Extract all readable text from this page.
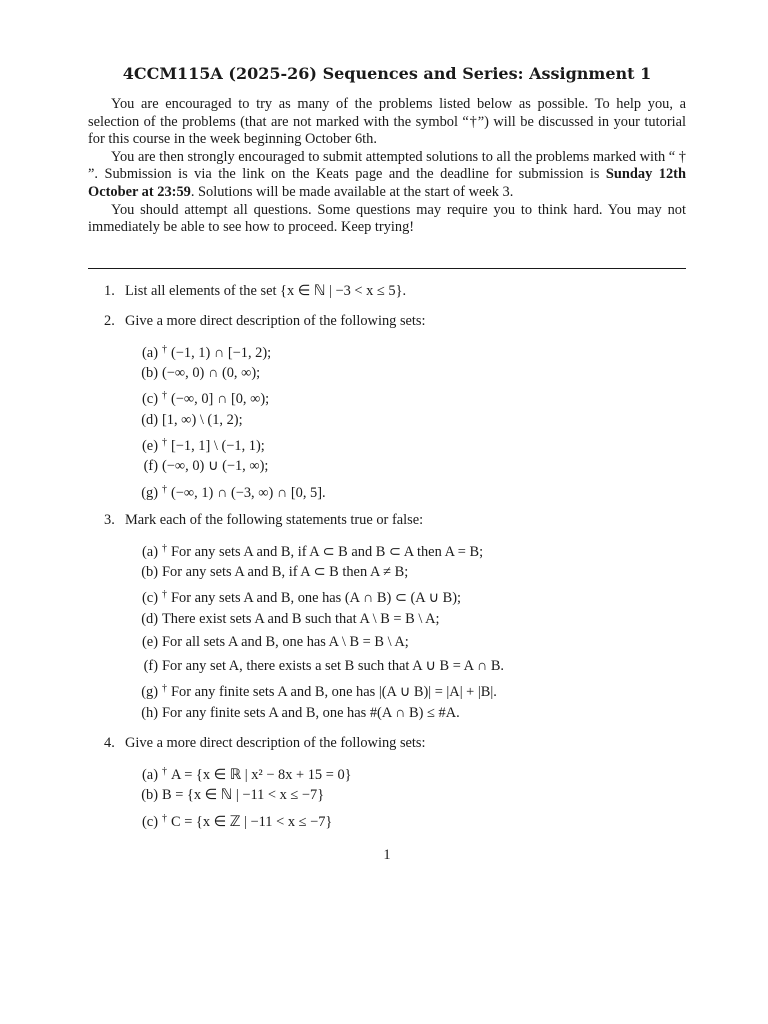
4CCM115A (2025-26) Sequences and Series: Assignment 1

You are encouraged to try as many of the problems listed below as possible. To help you, a selection of the problems (that are not marked with the symbol “†”) will be discussed in your tutorial for this course in the week beginning October 6th.

You are then strongly encouraged to submit attempted solutions to all the problems marked with “ † ”. Submission is via the link on the Keats page and the deadline for submission is Sunday 12th October at 23:59. Solutions will be made available at the start of week 3.

You should attempt all questions. Some questions may require you to think hard. You may not immediately be able to see how to proceed. Keep trying!

1. List all elements of the set {x ∈ ℕ | −3 < x ≤ 5}.
2. Give a more direct description of the following sets:
(a) † (−1, 1) ∩ [−1, 2);
(b) (−∞, 0) ∩ (0, ∞);
(c) † (−∞, 0] ∩ [0, ∞);
(d) [1, ∞) \ (1, 2);
(e) † [−1, 1] \ (−1, 1);
(f) (−∞, 0) ∪ (−1, ∞);
(g) † (−∞, 1) ∩ (−3, ∞) ∩ [0, 5].
3. Mark each of the following statements true or false:
(a) † For any sets A and B, if A ⊂ B and B ⊂ A then A = B;
(b) For any sets A and B, if A ⊂ B then A ≠ B;
(c) † For any sets A and B, one has (A ∩ B) ⊂ (A ∪ B);
(d) There exist sets A and B such that A \ B = B \ A;
(e) For all sets A and B, one has A \ B = B \ A;
(f) For any set A, there exists a set B such that A ∪ B = A ∩ B.
(g) † For any finite sets A and B, one has |(A ∪ B)| = |A| + |B|.
(h) For any finite sets A and B, one has #(A ∩ B) ≤ #A.
4. Give a more direct description of the following sets:
(a) † A = {x ∈ ℝ | x² − 8x + 15 = 0}
(b) B = {x ∈ ℕ | −11 < x ≤ −7}
(c) † C = {x ∈ ℤ | −11 < x ≤ −7}
1
